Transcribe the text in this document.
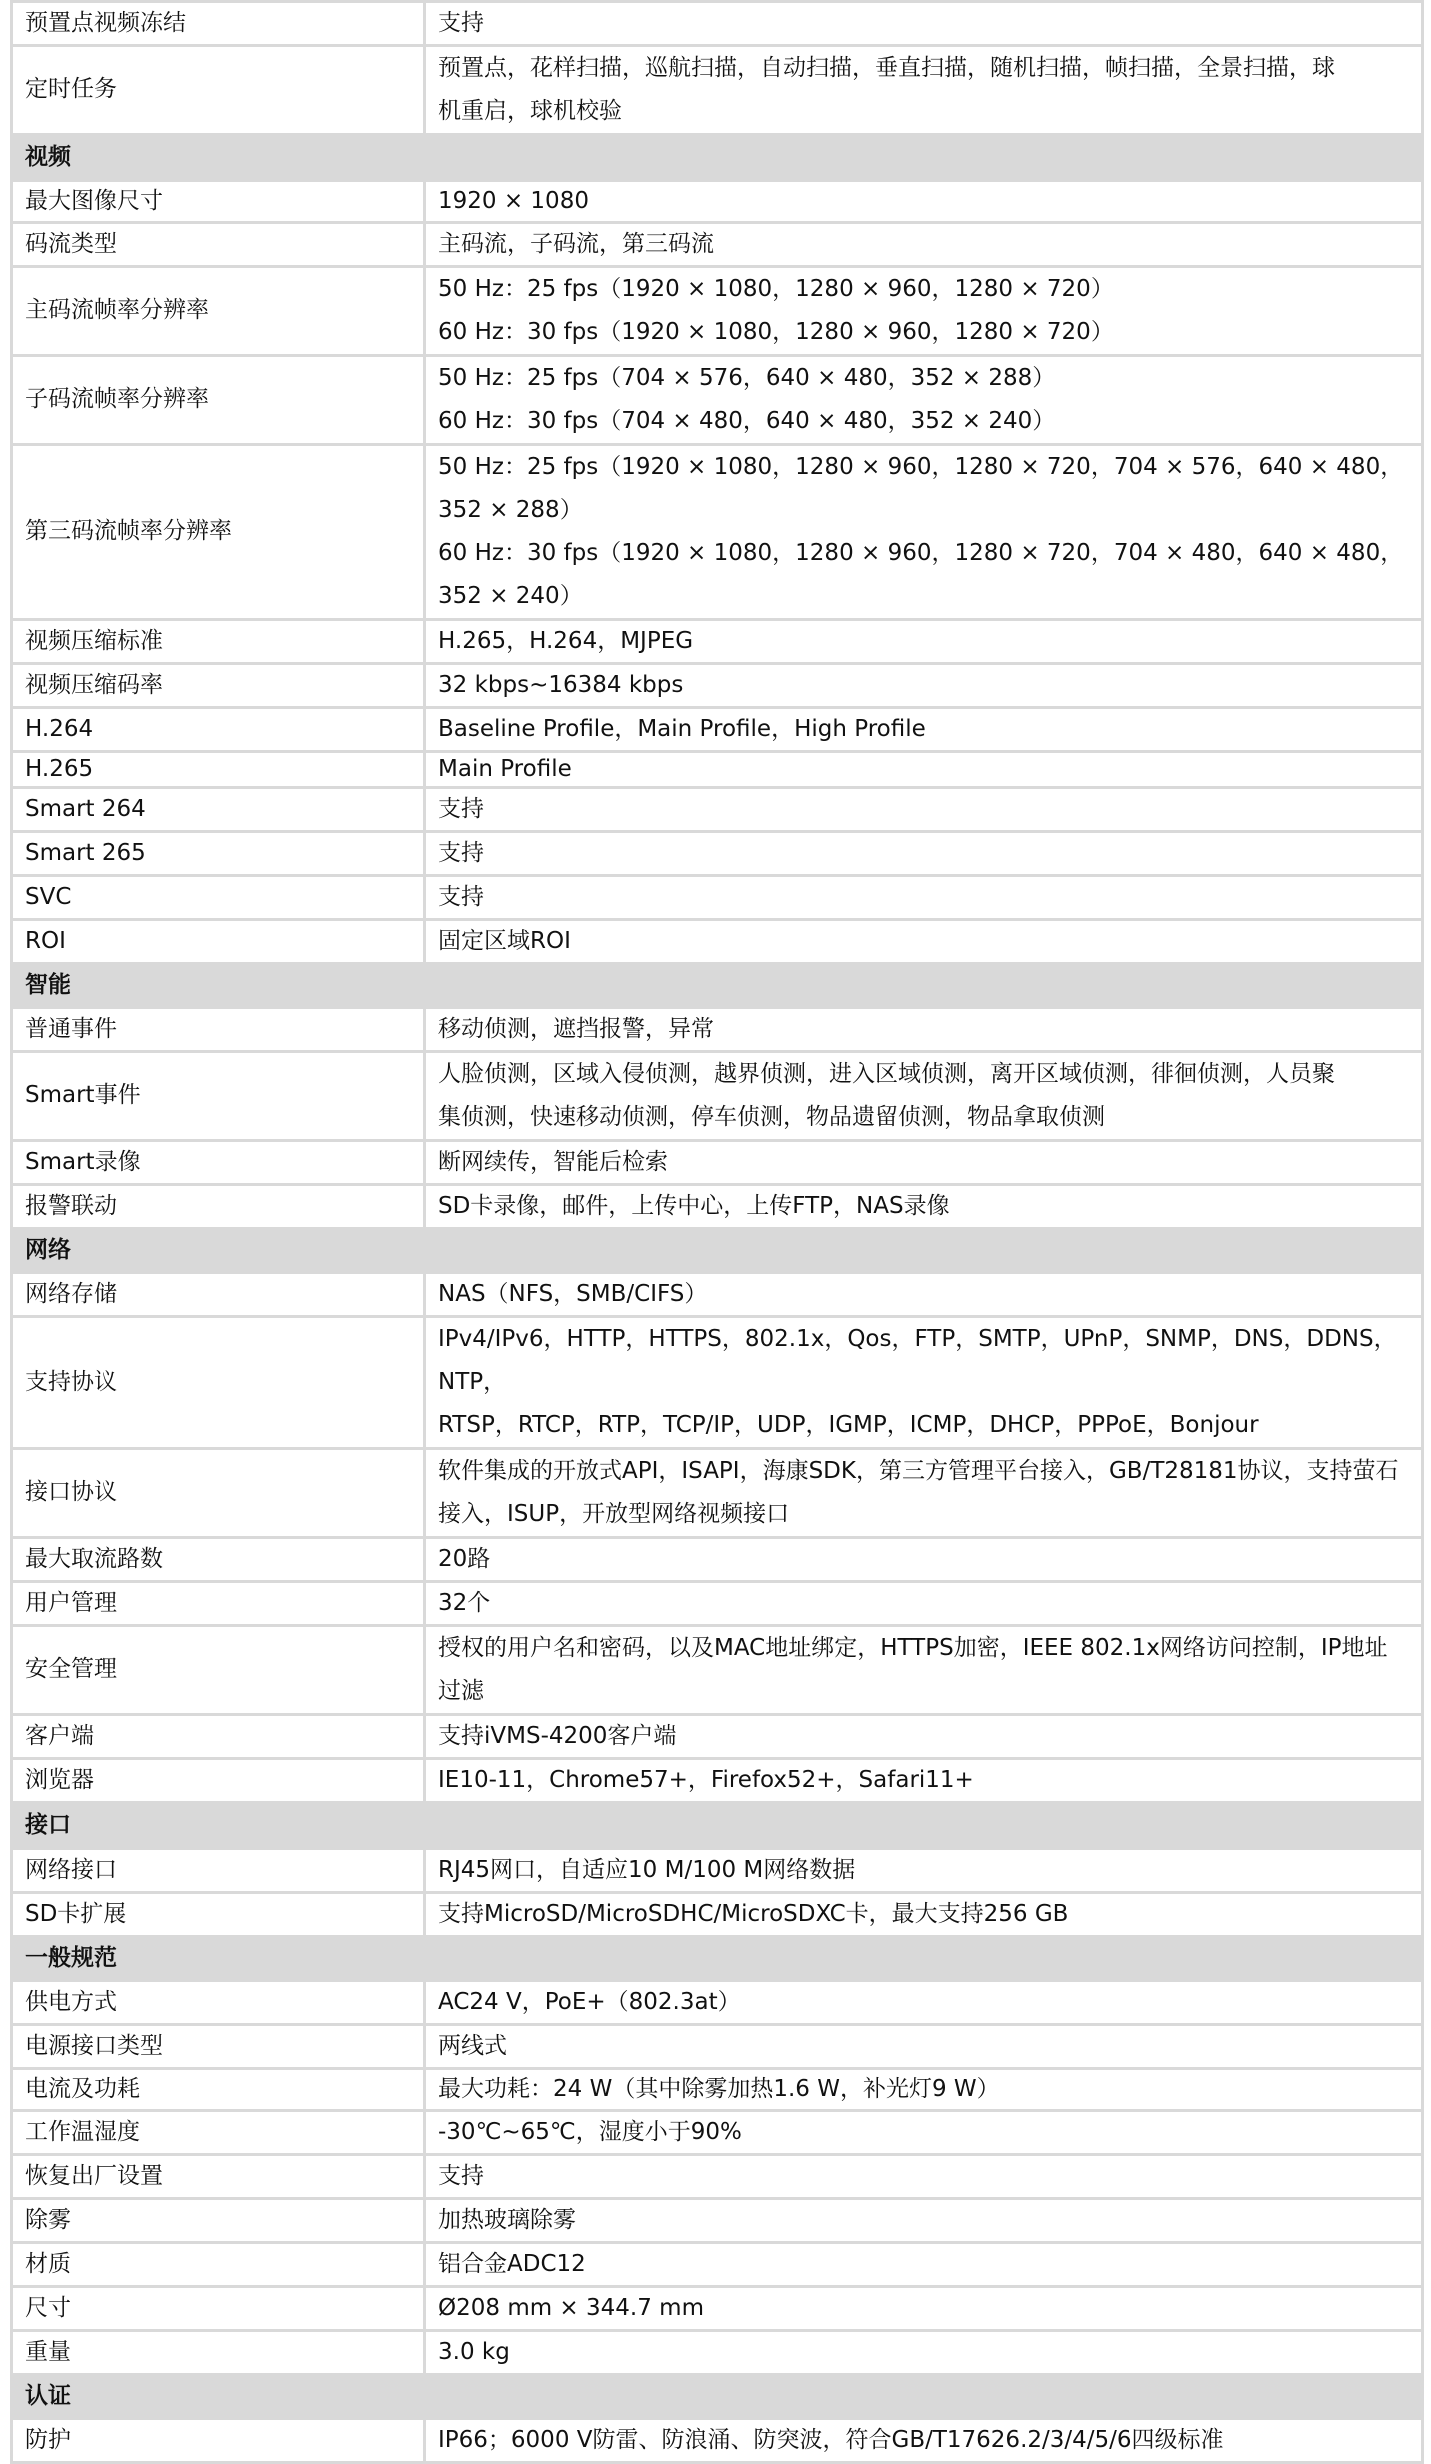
预置点视频冻结	支持

定时任务	预置点，花样扫描，巡航扫描，自动扫描，垂直扫描，随机扫描，帧扫描，全景扫描，球
机重启，球机校验

视频	
最大图像尺寸	1920 × 1080

码流类型	主码流，子码流，第三码流

主码流帧率分辨率	50 Hz：25 fps（1920 × 1080，1280 × 960，1280 × 720）
60 Hz：30 fps（1920 × 1080，1280 × 960，1280 × 720）

子码流帧率分辨率	50 Hz：25 fps（704 × 576，640 × 480，352 × 288）
60 Hz：30 fps（704 × 480，640 × 480，352 × 240）

第三码流帧率分辨率	50 Hz：25 fps（1920 × 1080，1280 × 960，1280 × 720，704 × 576，640 × 480，352 × 288）
60 Hz：30 fps（1920 × 1080，1280 × 960，1280 × 720，704 × 480，640 × 480，352 × 240）

视频压缩标准	H.265，H.264，MJPEG

视频压缩码率	32 kbps~16384 kbps

H.264	Baseline Profile，Main Profile，High Profile

H.265	Main Profile

Smart 264	支持

Smart 265	支持

SVC	支持

ROI	固定区域ROI

智能	
普通事件	移动侦测，遮挡报警，异常

Smart事件	人脸侦测，区域入侵侦测，越界侦测，进入区域侦测，离开区域侦测，徘徊侦测，人员聚
集侦测，快速移动侦测，停车侦测，物品遗留侦测，物品拿取侦测

Smart录像	断网续传，智能后检索

报警联动	SD卡录像，邮件，上传中心，上传FTP，NAS录像

网络	
网络存储	NAS（NFS，SMB/CIFS）

支持协议	IPv4/IPv6，HTTP，HTTPS，802.1x，Qos，FTP，SMTP，UPnP，SNMP，DNS，DDNS，NTP，
RTSP，RTCP，RTP，TCP/IP，UDP，IGMP，ICMP，DHCP，PPPoE，Bonjour

接口协议	软件集成的开放式API，ISAPI，海康SDK，第三方管理平台接入，GB/T28181协议，支持萤石
接入，ISUP，开放型网络视频接口

最大取流路数	20路

用户管理	32个

安全管理	授权的用户名和密码，以及MAC地址绑定，HTTPS加密，IEEE 802.1x网络访问控制，IP地址
过滤

客户端	支持iVMS-4200客户端

浏览器	IE10-11，Chrome57+，Firefox52+，Safari11+

接口	
网络接口	RJ45网口，自适应10 M/100 M网络数据

SD卡扩展	支持MicroSD/MicroSDHC/MicroSDXC卡，最大支持256 GB

一般规范	
供电方式	AC24 V，PoE+（802.3at）

电源接口类型	两线式

电流及功耗	最大功耗：24 W（其中除雾加热1.6 W，补光灯9 W）

工作温湿度	-30℃~65℃，湿度小于90%

恢复出厂设置	支持

除雾	加热玻璃除雾

材质	铝合金ADC12

尺寸	Ø208 mm × 344.7 mm

重量	3.0 kg

认证	
防护	IP66；6000 V防雷、防浪涌、防突波，符合GB/T17626.2/3/4/5/6四级标准
